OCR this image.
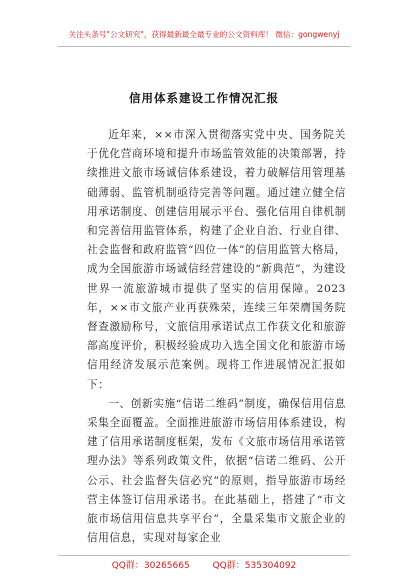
关注头条号"公文研究"，获得最新最全最专业的公文资料库！ 微信：gongwenyj
信用体系建设工作情况汇报

近年来，××市深入贯彻落实党中央、国务院关于优化营商环境和提升市场监管效能的决策部署，持续推进文旅市场诚信体系建设，着力破解信用管理基础薄弱、监管机制亟待完善等问题。通过建立健全信用承诺制度、创建信用展示平台、强化信用自律机制和完善信用监管体系，构建了企业自治、行业自律、社会监督和政府监管“四位一体”的信用监管大格局，成为全国旅游市场诚信经营建设的“新典范”，为建设世界一流旅游城市提供了坚实的信用保障。2023年，××市文旅产业再获殊荣，连续三年荣膺国务院督查激励称号，文旅信用承诺试点工作获文化和旅游部高度评价，积极经验成功入选全国文化和旅游市场信用经济发展示范案例。现将工作进展情况汇报如下：

一、创新实施“信诺二维码”制度，确保信用信息采集全面覆盖。全面推进旅游市场信用体系建设，构建了信用承诺制度框架，发布《文旅市场信用承诺管理办法》等系列政策文件，依据“信诺二维码、公开公示、社会监督失信必究”的原则，指导旅游市场经营主体签订信用承诺书。在此基础上，搭建了“市文旅市场信用信息共享平台”，全量采集市文旅企业的信用信息，实现对每家企业

QQ群：30265665	QQ群：535304092
